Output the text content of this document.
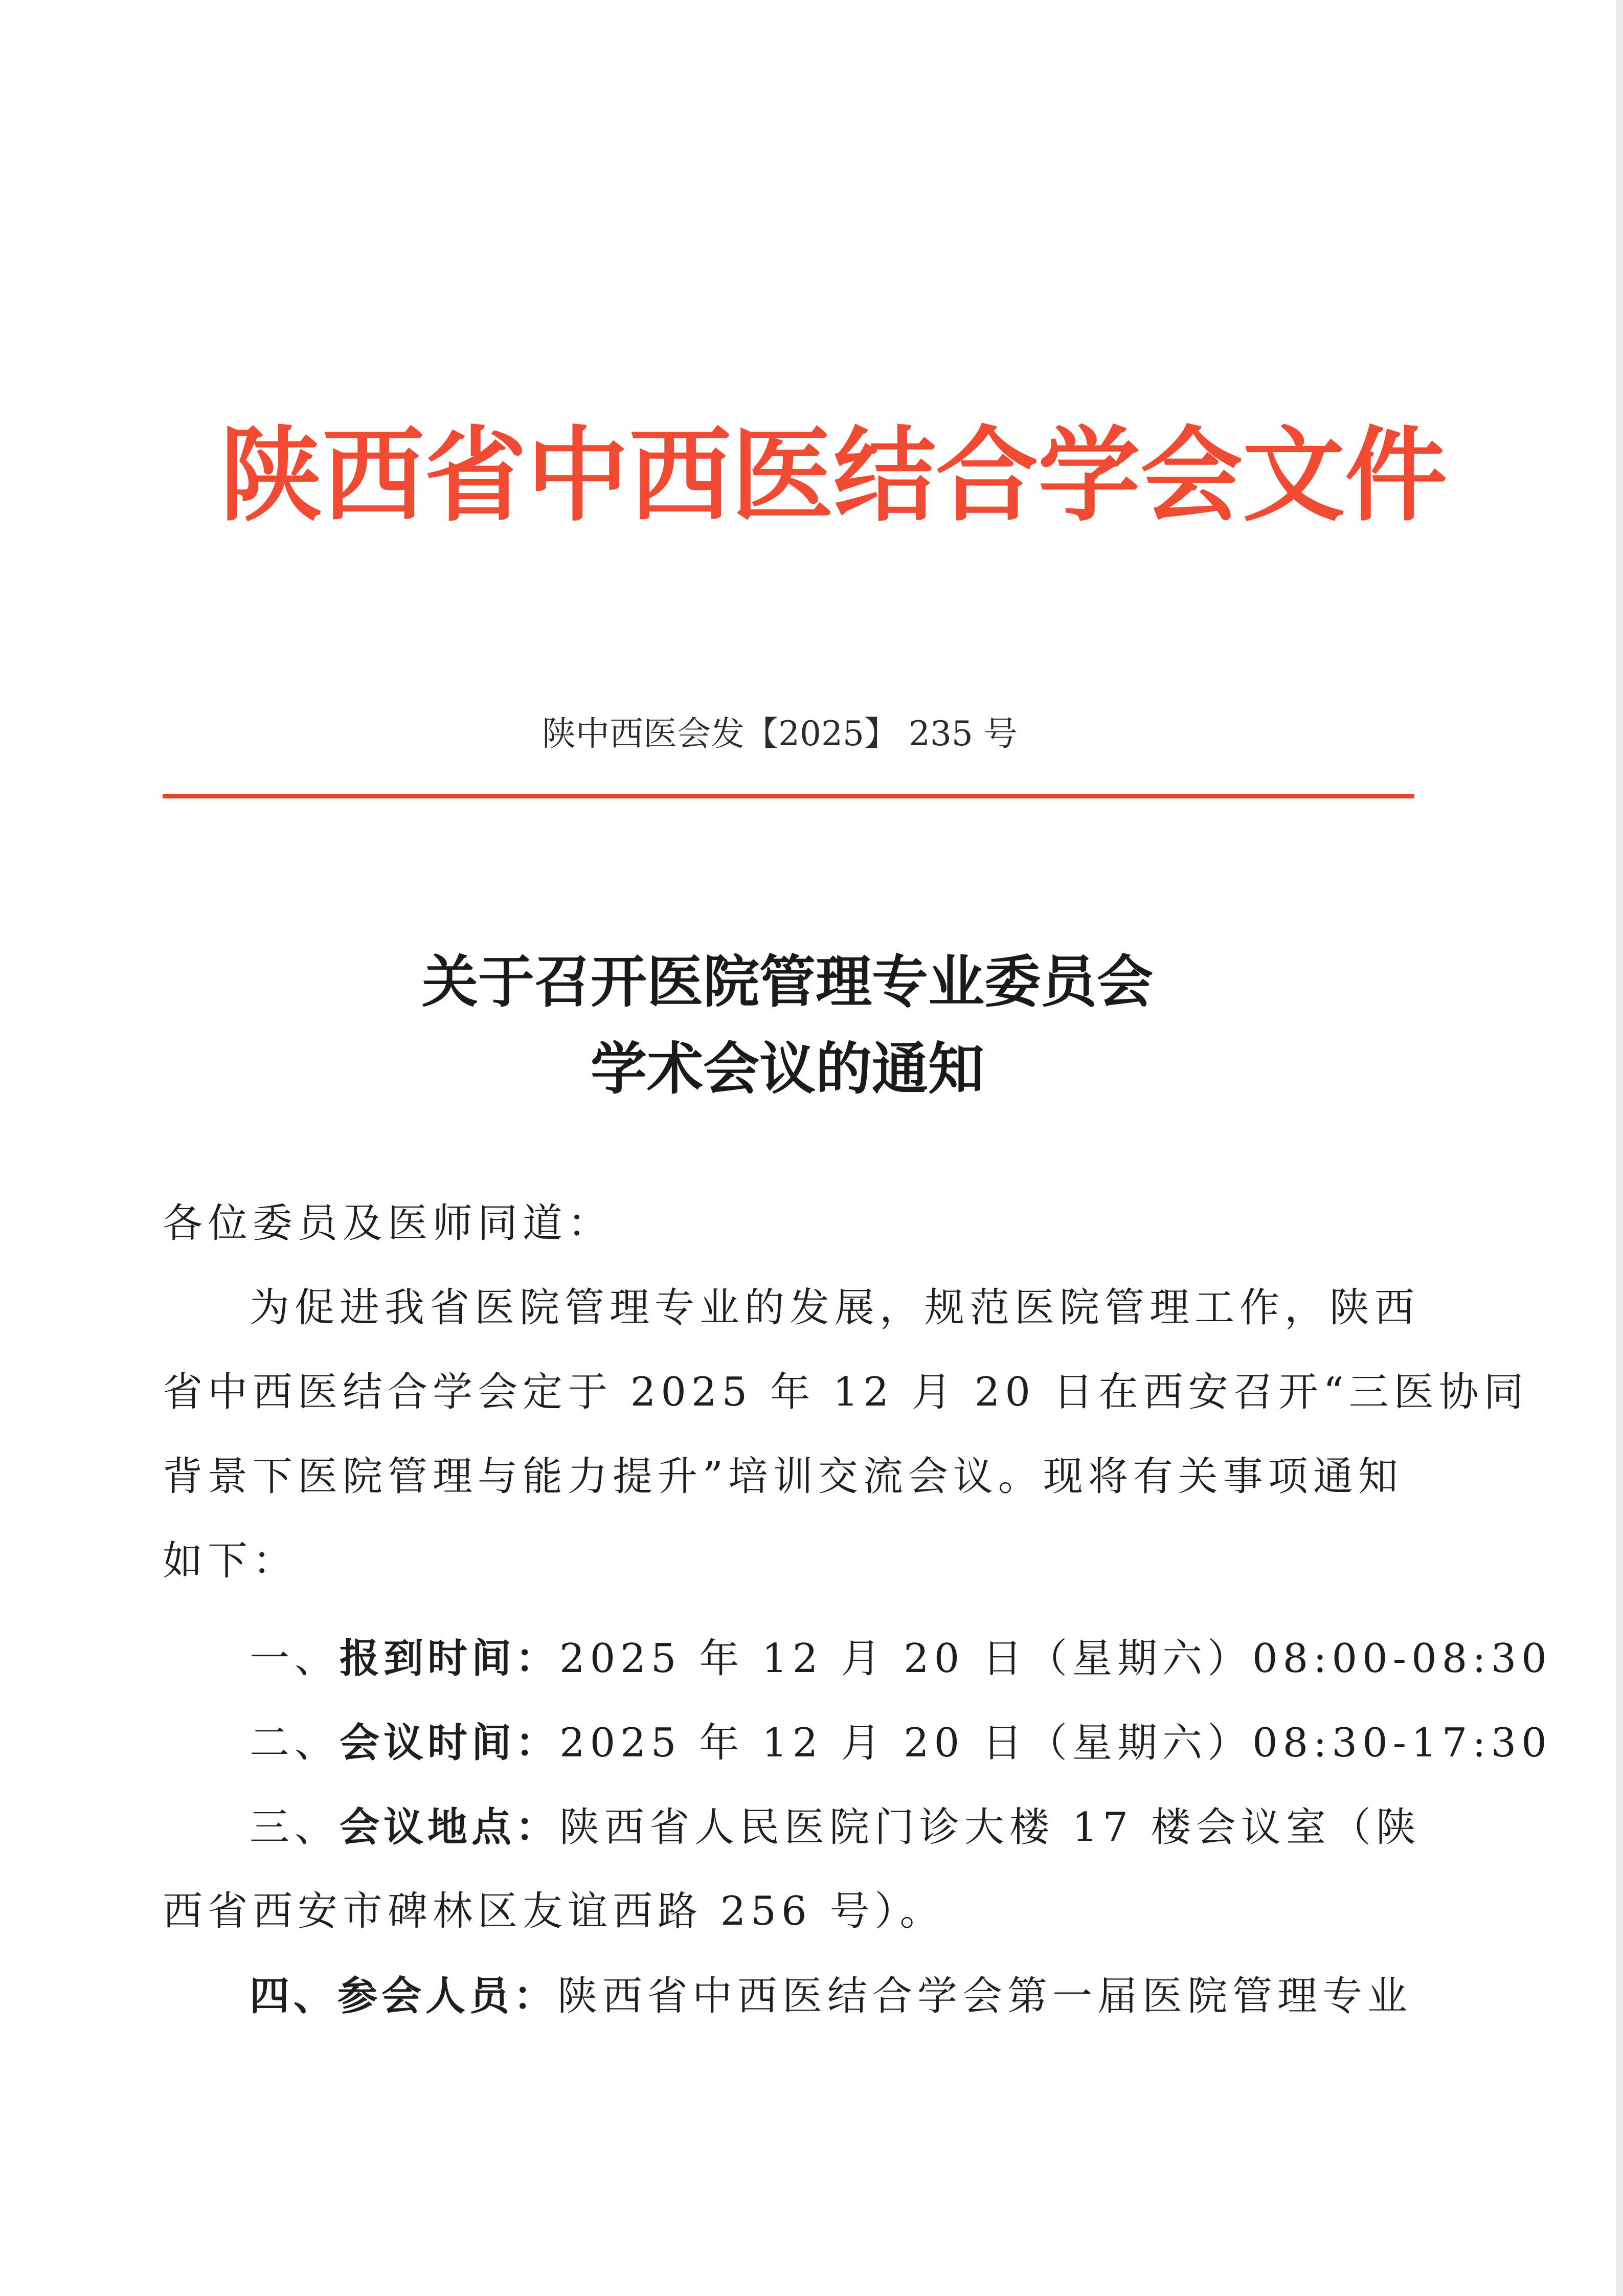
陕西省中西医结合学会文件
陕中西医会发【2025】 235 号
关于召开医院管理专业委员会
学术会议的通知
各位委员及医师同道：
为促进我省医院管理专业的发展，规范医院管理工作，陕西
省中西医结合学会定于 2025 年 12 月 20 日在西安召开“三医协同
背景下医院管理与能力提升”培训交流会议。现将有关事项通知
如下：
一、报到时间：2025 年 12 月 20 日（星期六）08:00-08:30
二、会议时间：2025 年 12 月 20 日（星期六）08:30-17:30
三、会议地点：陕西省人民医院门诊大楼 17 楼会议室（陕
西省西安市碑林区友谊西路 256 号）。
四、参会人员：陕西省中西医结合学会第一届医院管理专业
